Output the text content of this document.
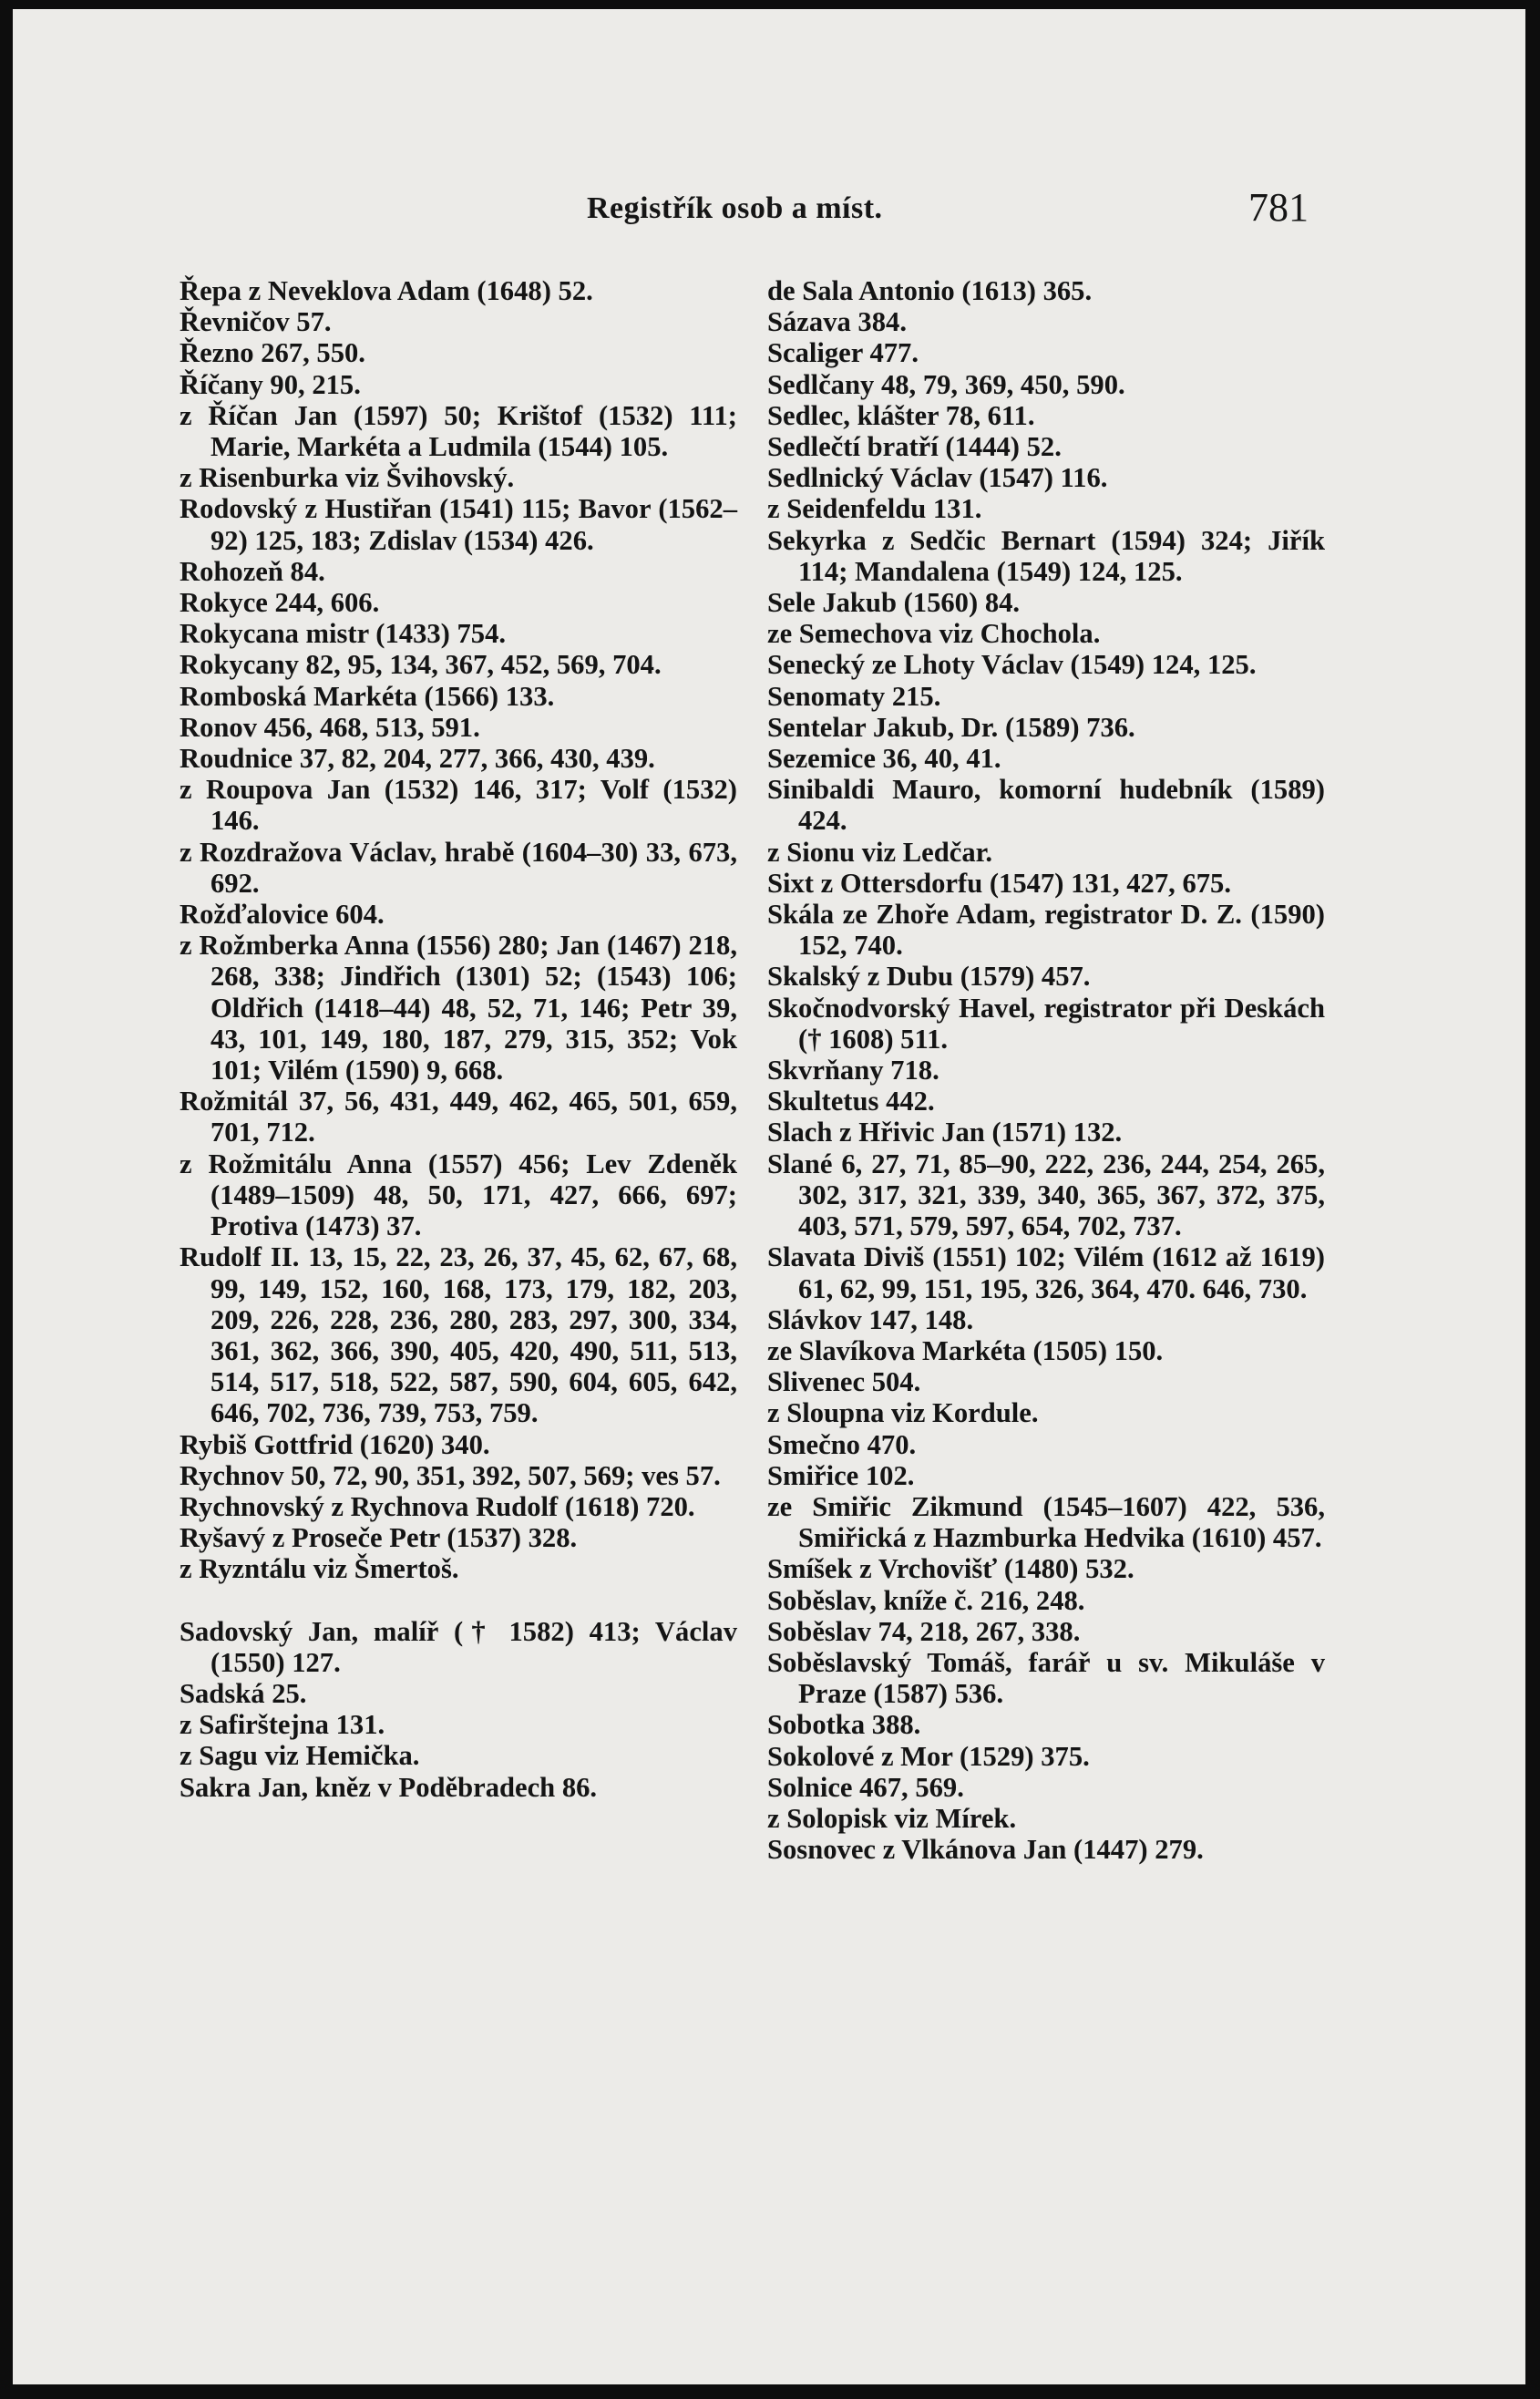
Registřík osob a míst.	781
Řepa z Neveklova Adam (1648) 52.
Řevničov 57.
Řezno 267, 550.
Říčany 90, 215.
z Říčan Jan (1597) 50; Krištof (1532) 111; Marie, Markéta a Ludmila (1544) 105.
z Risenburka viz Švihovský.
Rodovský z Hustiřan (1541) 115; Bavor (1562–92) 125, 183; Zdislav (1534) 426.
Rohozeň 84.
Rokyce 244, 606.
Rokycana mistr (1433) 754.
Rokycany 82, 95, 134, 367, 452, 569, 704.
Romboská Markéta (1566) 133.
Ronov 456, 468, 513, 591.
Roudnice 37, 82, 204, 277, 366, 430, 439.
z Roupova Jan (1532) 146, 317; Volf (1532) 146.
z Rozdražova Václav, hrabě (1604–30) 33, 673, 692.
Rožďalovice 604.
z Rožmberka Anna (1556) 280; Jan (1467) 218, 268, 338; Jindřich (1301) 52; (1543) 106; Oldřich (1418–44) 48, 52, 71, 146; Petr 39, 43, 101, 149, 180, 187, 279, 315, 352; Vok 101; Vilém (1590) 9, 668.
Rožmitál 37, 56, 431, 449, 462, 465, 501, 659, 701, 712.
z Rožmitálu Anna (1557) 456; Lev Zdeněk (1489–1509) 48, 50, 171, 427, 666, 697; Protiva (1473) 37.
Rudolf II. 13, 15, 22, 23, 26, 37, 45, 62, 67, 68, 99, 149, 152, 160, 168, 173, 179, 182, 203, 209, 226, 228, 236, 280, 283, 297, 300, 334, 361, 362, 366, 390, 405, 420, 490, 511, 513, 514, 517, 518, 522, 587, 590, 604, 605, 642, 646, 702, 736, 739, 753, 759.
Rybiš Gottfrid (1620) 340.
Rychnov 50, 72, 90, 351, 392, 507, 569; ves 57.
Rychnovský z Rychnova Rudolf (1618) 720.
Ryšavý z Proseče Petr (1537) 328.
z Ryzntálu viz Šmertoš.
Sadovský Jan, malíř († 1582) 413; Václav (1550) 127.
Sadská 25.
z Safirštejna 131.
z Sagu viz Hemička.
Sakra Jan, kněz v Poděbradech 86.
de Sala Antonio (1613) 365.
Sázava 384.
Scaliger 477.
Sedlčany 48, 79, 369, 450, 590.
Sedlec, klášter 78, 611.
Sedlečtí bratří (1444) 52.
Sedlnický Václav (1547) 116.
z Seidenfeldu 131.
Sekyrka z Sedčic Bernart (1594) 324; Jiřík 114; Mandalena (1549) 124, 125.
Sele Jakub (1560) 84.
ze Semechova viz Chochola.
Senecký ze Lhoty Václav (1549) 124, 125.
Senomaty 215.
Sentelar Jakub, Dr. (1589) 736.
Sezemice 36, 40, 41.
Sinibaldi Mauro, komorní hudebník (1589) 424.
z Sionu viz Ledčar.
Sixt z Ottersdorfu (1547) 131, 427, 675.
Skála ze Zhoře Adam, registrator D. Z. (1590) 152, 740.
Skalský z Dubu (1579) 457.
Skočnodvorský Havel, registrator při Deskách († 1608) 511.
Skvrňany 718.
Skultetus 442.
Slach z Hřivic Jan (1571) 132.
Slané 6, 27, 71, 85–90, 222, 236, 244, 254, 265, 302, 317, 321, 339, 340, 365, 367, 372, 375, 403, 571, 579, 597, 654, 702, 737.
Slavata Diviš (1551) 102; Vilém (1612 až 1619) 61, 62, 99, 151, 195, 326, 364, 470. 646, 730.
Slávkov 147, 148.
ze Slavíkova Markéta (1505) 150.
Slivenec 504.
z Sloupna viz Kordule.
Smečno 470.
Smiřice 102.
ze Smiřic Zikmund (1545–1607) 422, 536, Smiřická z Hazmburka Hedvika (1610) 457.
Smíšek z Vrchovišť (1480) 532.
Soběslav, kníže č. 216, 248.
Soběslav 74, 218, 267, 338.
Soběslavský Tomáš, farář u sv. Mikuláše v Praze (1587) 536.
Sobotka 388.
Sokolové z Mor (1529) 375.
Solnice 467, 569.
z Solopisk viz Mírek.
Sosnovec z Vlkánova Jan (1447) 279.
